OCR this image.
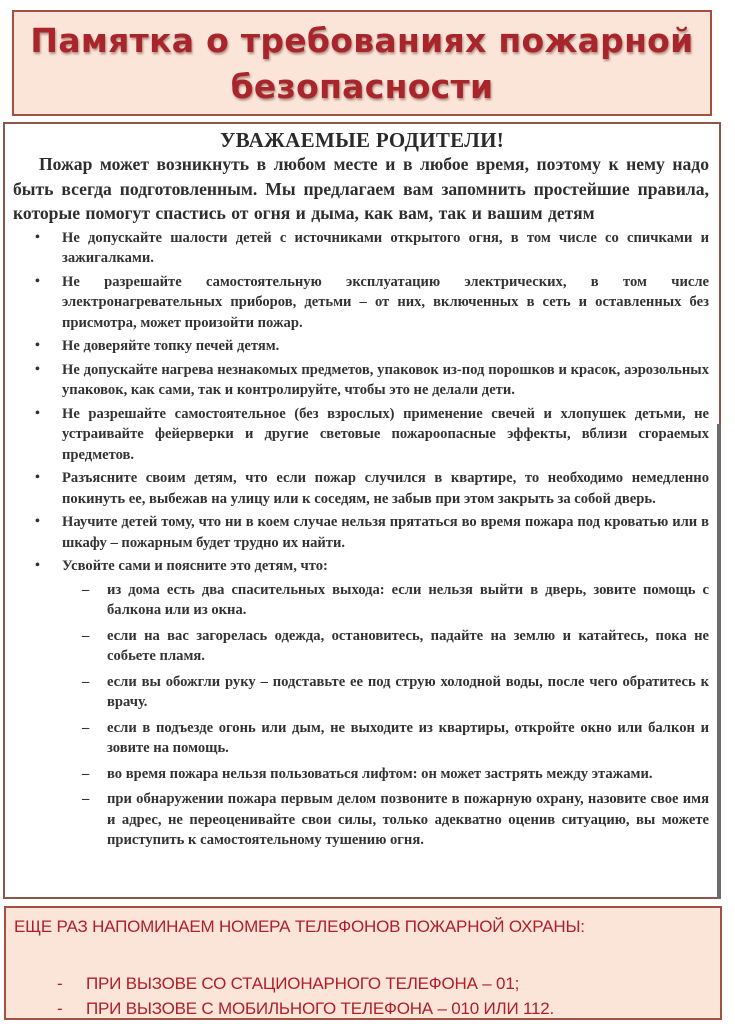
Памятка о требованиях пожарной
безопасности
УВАЖАЕМЫЕ РОДИТЕЛИ!

Пожар может возникнуть в любом месте и в любое время, поэтому к нему надо быть всегда подготовленным. Мы предлагаем вам запомнить простейшие правила, которые помогут спастись от огня и дыма, как вам, так и вашим детям

• Не допускайте шалости детей с источниками открытого огня, в том числе со спичками и зажигалками.
• Не разрешайте самостоятельную эксплуатацию электрических, в том числе электронагревательных приборов, детьми – от них, включенных в сеть и оставленных без присмотра, может произойти пожар.
• Не доверяйте топку печей детям.
• Не допускайте нагрева незнакомых предметов, упаковок из-под порошков и красок, аэрозольных упаковок, как сами, так и контролируйте, чтобы это не делали дети.
• Не разрешайте самостоятельное (без взрослых) применение свечей и хлопушек детьми, не устраивайте фейерверки и другие световые пожароопасные эффекты, вблизи сгораемых предметов.
• Разъясните своим детям, что если пожар случился в квартире, то необходимо немедленно покинуть ее, выбежав на улицу или к соседям, не забыв при этом закрыть за собой дверь.
• Научите детей тому, что ни в коем случае нельзя прятаться во время пожара под кроватью или в шкафу – пожарным будет трудно их найти.
• Усвойте сами и поясните это детям, что:
– из дома есть два спасительных выхода: если нельзя выйти в дверь, зовите помощь с балкона или из окна.
– если на вас загорелась одежда, остановитесь, падайте на землю и катайтесь, пока не собьете пламя.
– если вы обожгли руку – подставьте ее под струю холодной воды, после чего обратитесь к врачу.
– если в подъезде огонь или дым, не выходите из квартиры, откройте окно или балкон и зовите на помощь.
– во время пожара нельзя пользоваться лифтом: он может застрять между этажами.
– при обнаружении пожара первым делом позвоните в пожарную охрану, назовите свое имя и адрес, не переоценивайте свои силы, только адекватно оценив ситуацию, вы можете приступить к самостоятельному тушению огня.

ЕЩЕ РАЗ НАПОМИНАЕМ НОМЕРА ТЕЛЕФОНОВ ПОЖАРНОЙ ОХРАНЫ:

- ПРИ ВЫЗОВЕ СО СТАЦИОНАРНОГО ТЕЛЕФОНА – 01;
- ПРИ ВЫЗОВЕ С МОБИЛЬНОГО ТЕЛЕФОНА – 010 ИЛИ 112.
